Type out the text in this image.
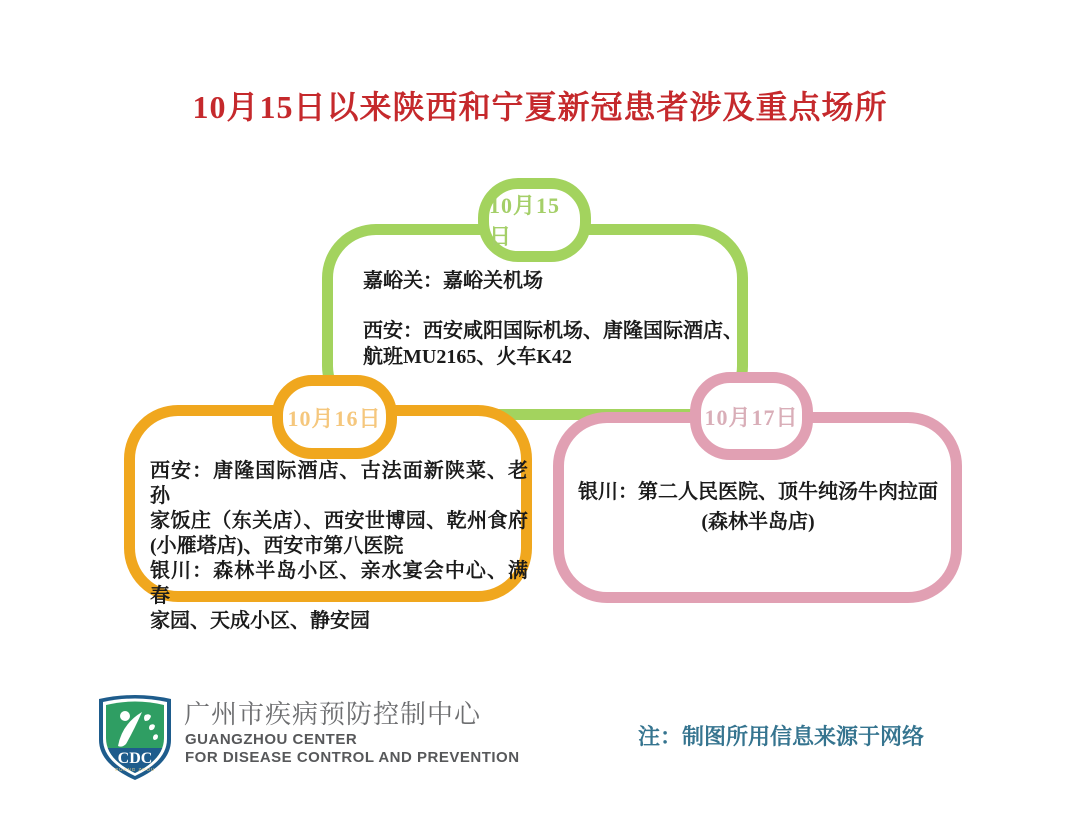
10月15日以来陕西和宁夏新冠患者涉及重点场所
10月15日
嘉峪关：嘉峪关机场
西安：西安咸阳国际机场、唐隆国际酒店、
航班MU2165、火车K42
10月16日
西安：唐隆国际酒店、古法面新陕菜、老孙
家饭庄（东关店）、西安世博园、乾州食府
(小雁塔店)、西安市第八医院
银川：森林半岛小区、亲水宴会中心、满春
家园、天成小区、静安园
10月17日
银川：第二人民医院、顶牛纯汤牛肉拉面
(森林半岛店)
CDC
GUANG ZHOU
广州市疾病预防控制中心
GUANGZHOU CENTER
FOR DISEASE CONTROL AND PREVENTION
注：制图所用信息来源于网络
